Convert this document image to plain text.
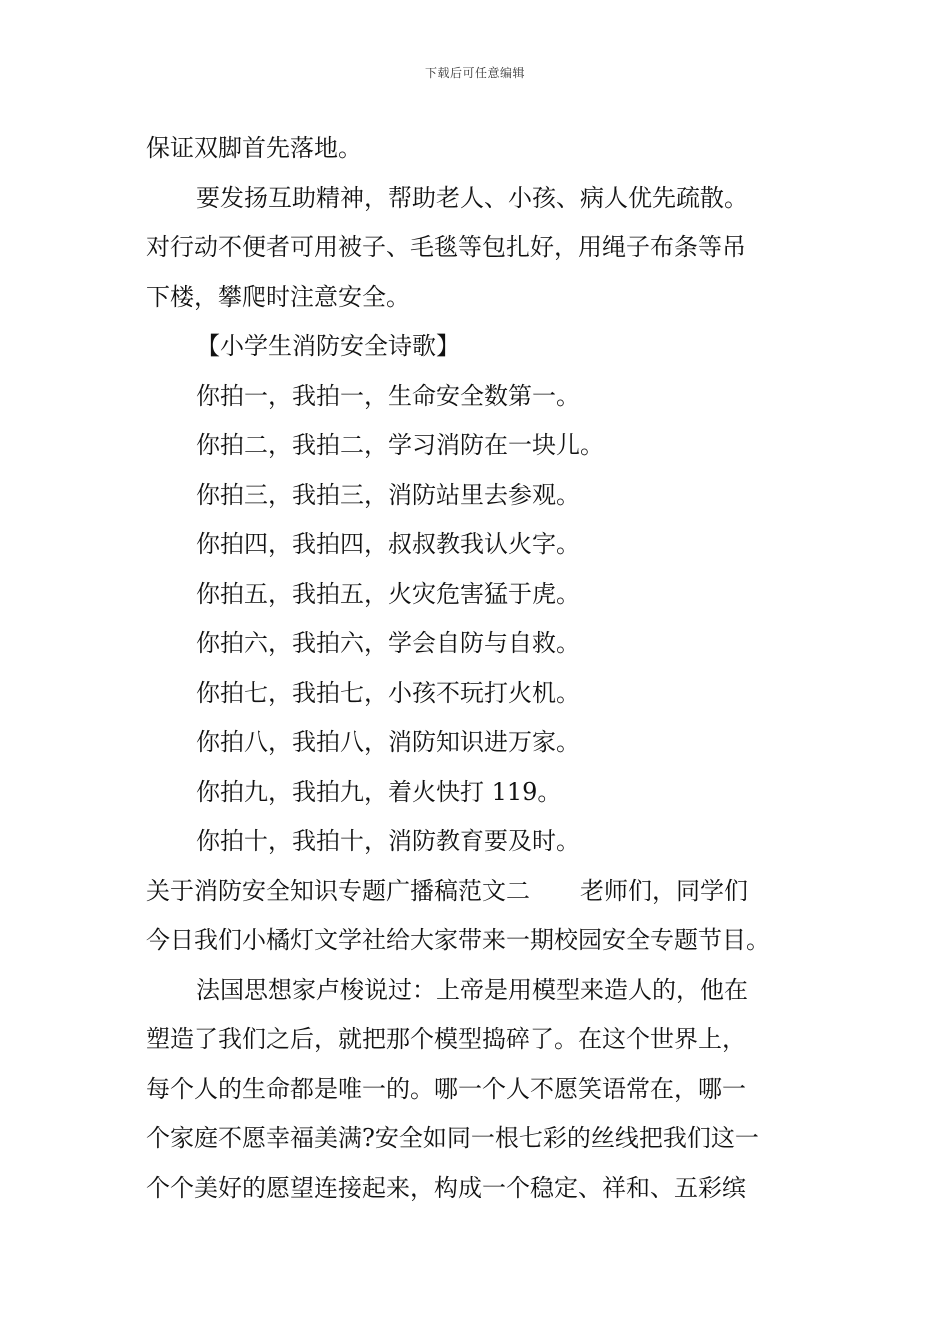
下载后可任意编辑
保证双脚首先落地。
要发扬互助精神，帮助老人、小孩、病人优先疏散。
对行动不便者可用被子、毛毯等包扎好，用绳子布条等吊
下楼，攀爬时注意安全。
【小学生消防安全诗歌】
你拍一，我拍一，生命安全数第一。
你拍二，我拍二，学习消防在一块儿。
你拍三，我拍三，消防站里去参观。
你拍四，我拍四，叔叔教我认火字。
你拍五，我拍五，火灾危害猛于虎。
你拍六，我拍六，学会自防与自救。
你拍七，我拍七，小孩不玩打火机。
你拍八，我拍八，消防知识进万家。
你拍九，我拍九，着火快打 119。
你拍十，我拍十，消防教育要及时。
关于消防安全知识专题广播稿范文二 老师们，同学们
今日我们小橘灯文学社给大家带来一期校园安全专题节目。
法国思想家卢梭说过：上帝是用模型来造人的，他在
塑造了我们之后，就把那个模型捣碎了。在这个世界上，
每个人的生命都是唯一的。哪一个人不愿笑语常在，哪一
个家庭不愿幸福美满?安全如同一根七彩的丝线把我们这一
个个美好的愿望连接起来，构成一个稳定、祥和、五彩缤
